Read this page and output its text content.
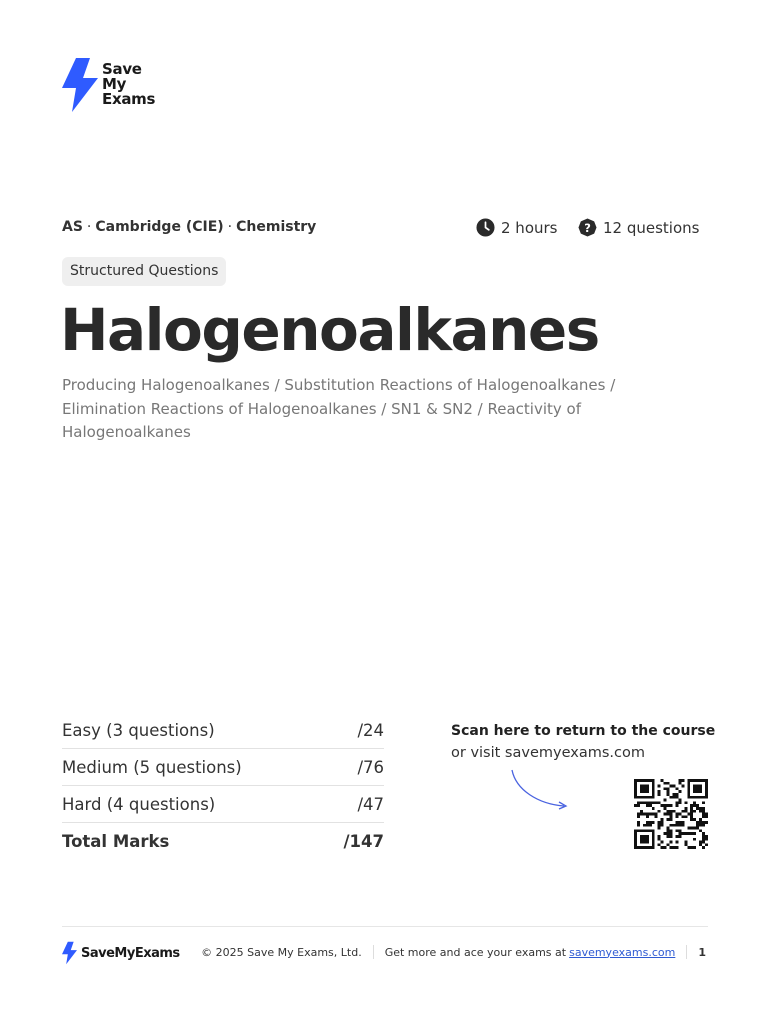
Save
My
Exams
AS · Cambridge (CIE) · Chemistry	2 hours ? 12 questions
Structured Questions
Halogenoalkanes
Producing Halogenoalkanes / Substitution Reactions of Halogenoalkanes / Elimination Reactions of Halogenoalkanes / SN1 & SN2 / Reactivity of Halogenoalkanes
Easy (3 questions)	/24
Medium (5 questions)	/76
Hard (4 questions)	/47
Total Marks	/147
Scan here to return to the course
or visit savemyexams.com
SaveMyExams © 2025 Save My Exams, Ltd. Get more and ace your exams at savemyexams.com 1
